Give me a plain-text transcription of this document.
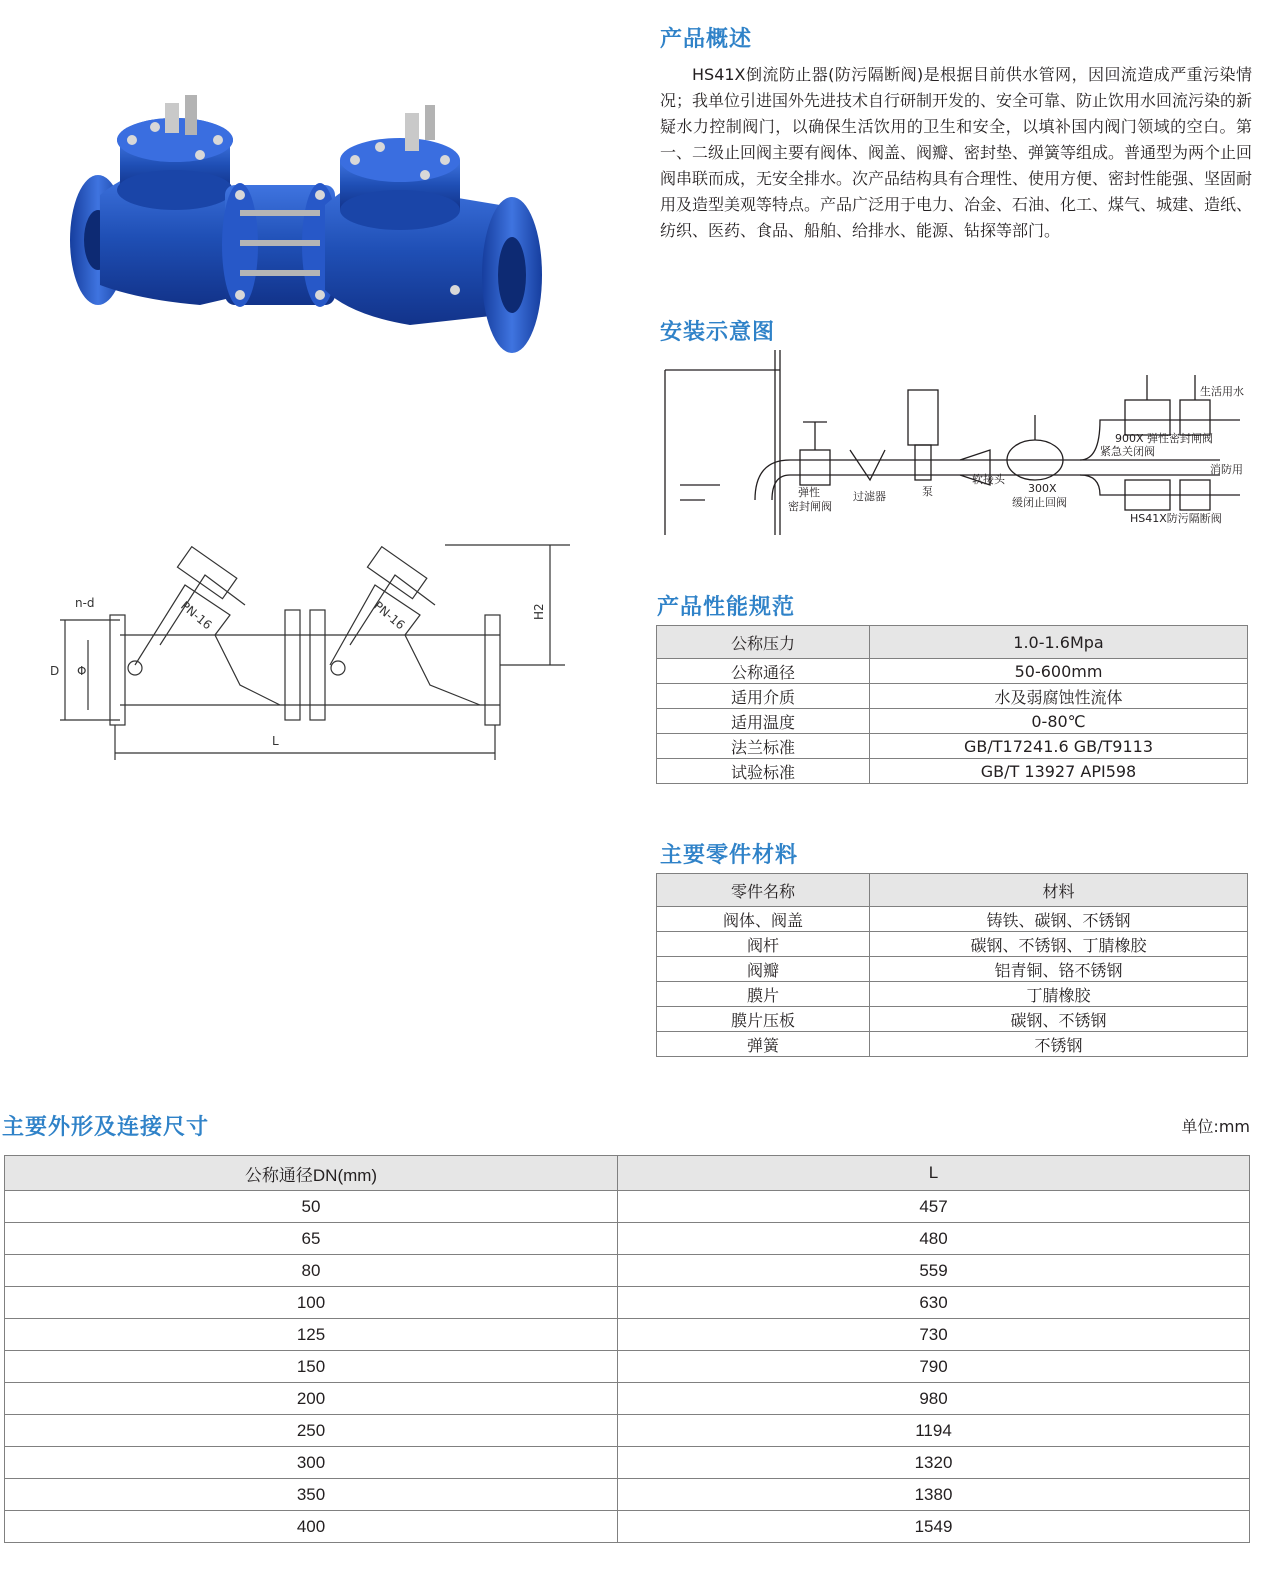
n-d
D Φ
PN-16	PN-16	H2
L
产品概述
HS41X倒流防止器(防污隔断阀)是根据目前供水管网，因回流造成严重污染情况；我单位引进国外先进技术自行研制开发的、安全可靠、防止饮用水回流污染的新疑水力控制阀门，以确保生活饮用的卫生和安全，以填补国内阀门领域的空白。第一、二级止回阀主要有阀体、阀盖、阀瓣、密封垫、弹簧等组成。普通型为两个止回阀串联而成，无安全排水。次产品结构具有合理性、使用方便、密封性能强、坚固耐用及造型美观等特点。产品广泛用于电力、冶金、石油、化工、煤气、城建、造纸、纺织、医药、食品、船舶、给排水、能源、钻探等部门。
安装示意图
弹性
密封闸阀
过滤器	泵
软接头
300X
缓闭止回阀
900X 弹性密封闸阀
紧急关闭阀
生活用水
消防用
HS41X防污隔断阀
产品性能规范
公称压力	1.0-1.6Mpa
公称通径	50-600mm
适用介质	水及弱腐蚀性流体
适用温度	0-80℃
法兰标准	GB/T17241.6 GB/T9113
试验标准	GB/T 13927 API598
主要零件材料
零件名称	材料
阀体、阀盖	铸铁、碳钢、不锈钢
阀杆	碳钢、不锈钢、丁腈橡胶
阀瓣	铝青铜、铬不锈钢
膜片	丁腈橡胶
膜片压板	碳钢、不锈钢
弹簧	不锈钢
主要外形及连接尺寸	单位:mm
公称通径DN(mm)	L
50	457
65	480
80	559
100	630
125	730
150	790
200	980
250	1194
300	1320
350	1380
400	1549
